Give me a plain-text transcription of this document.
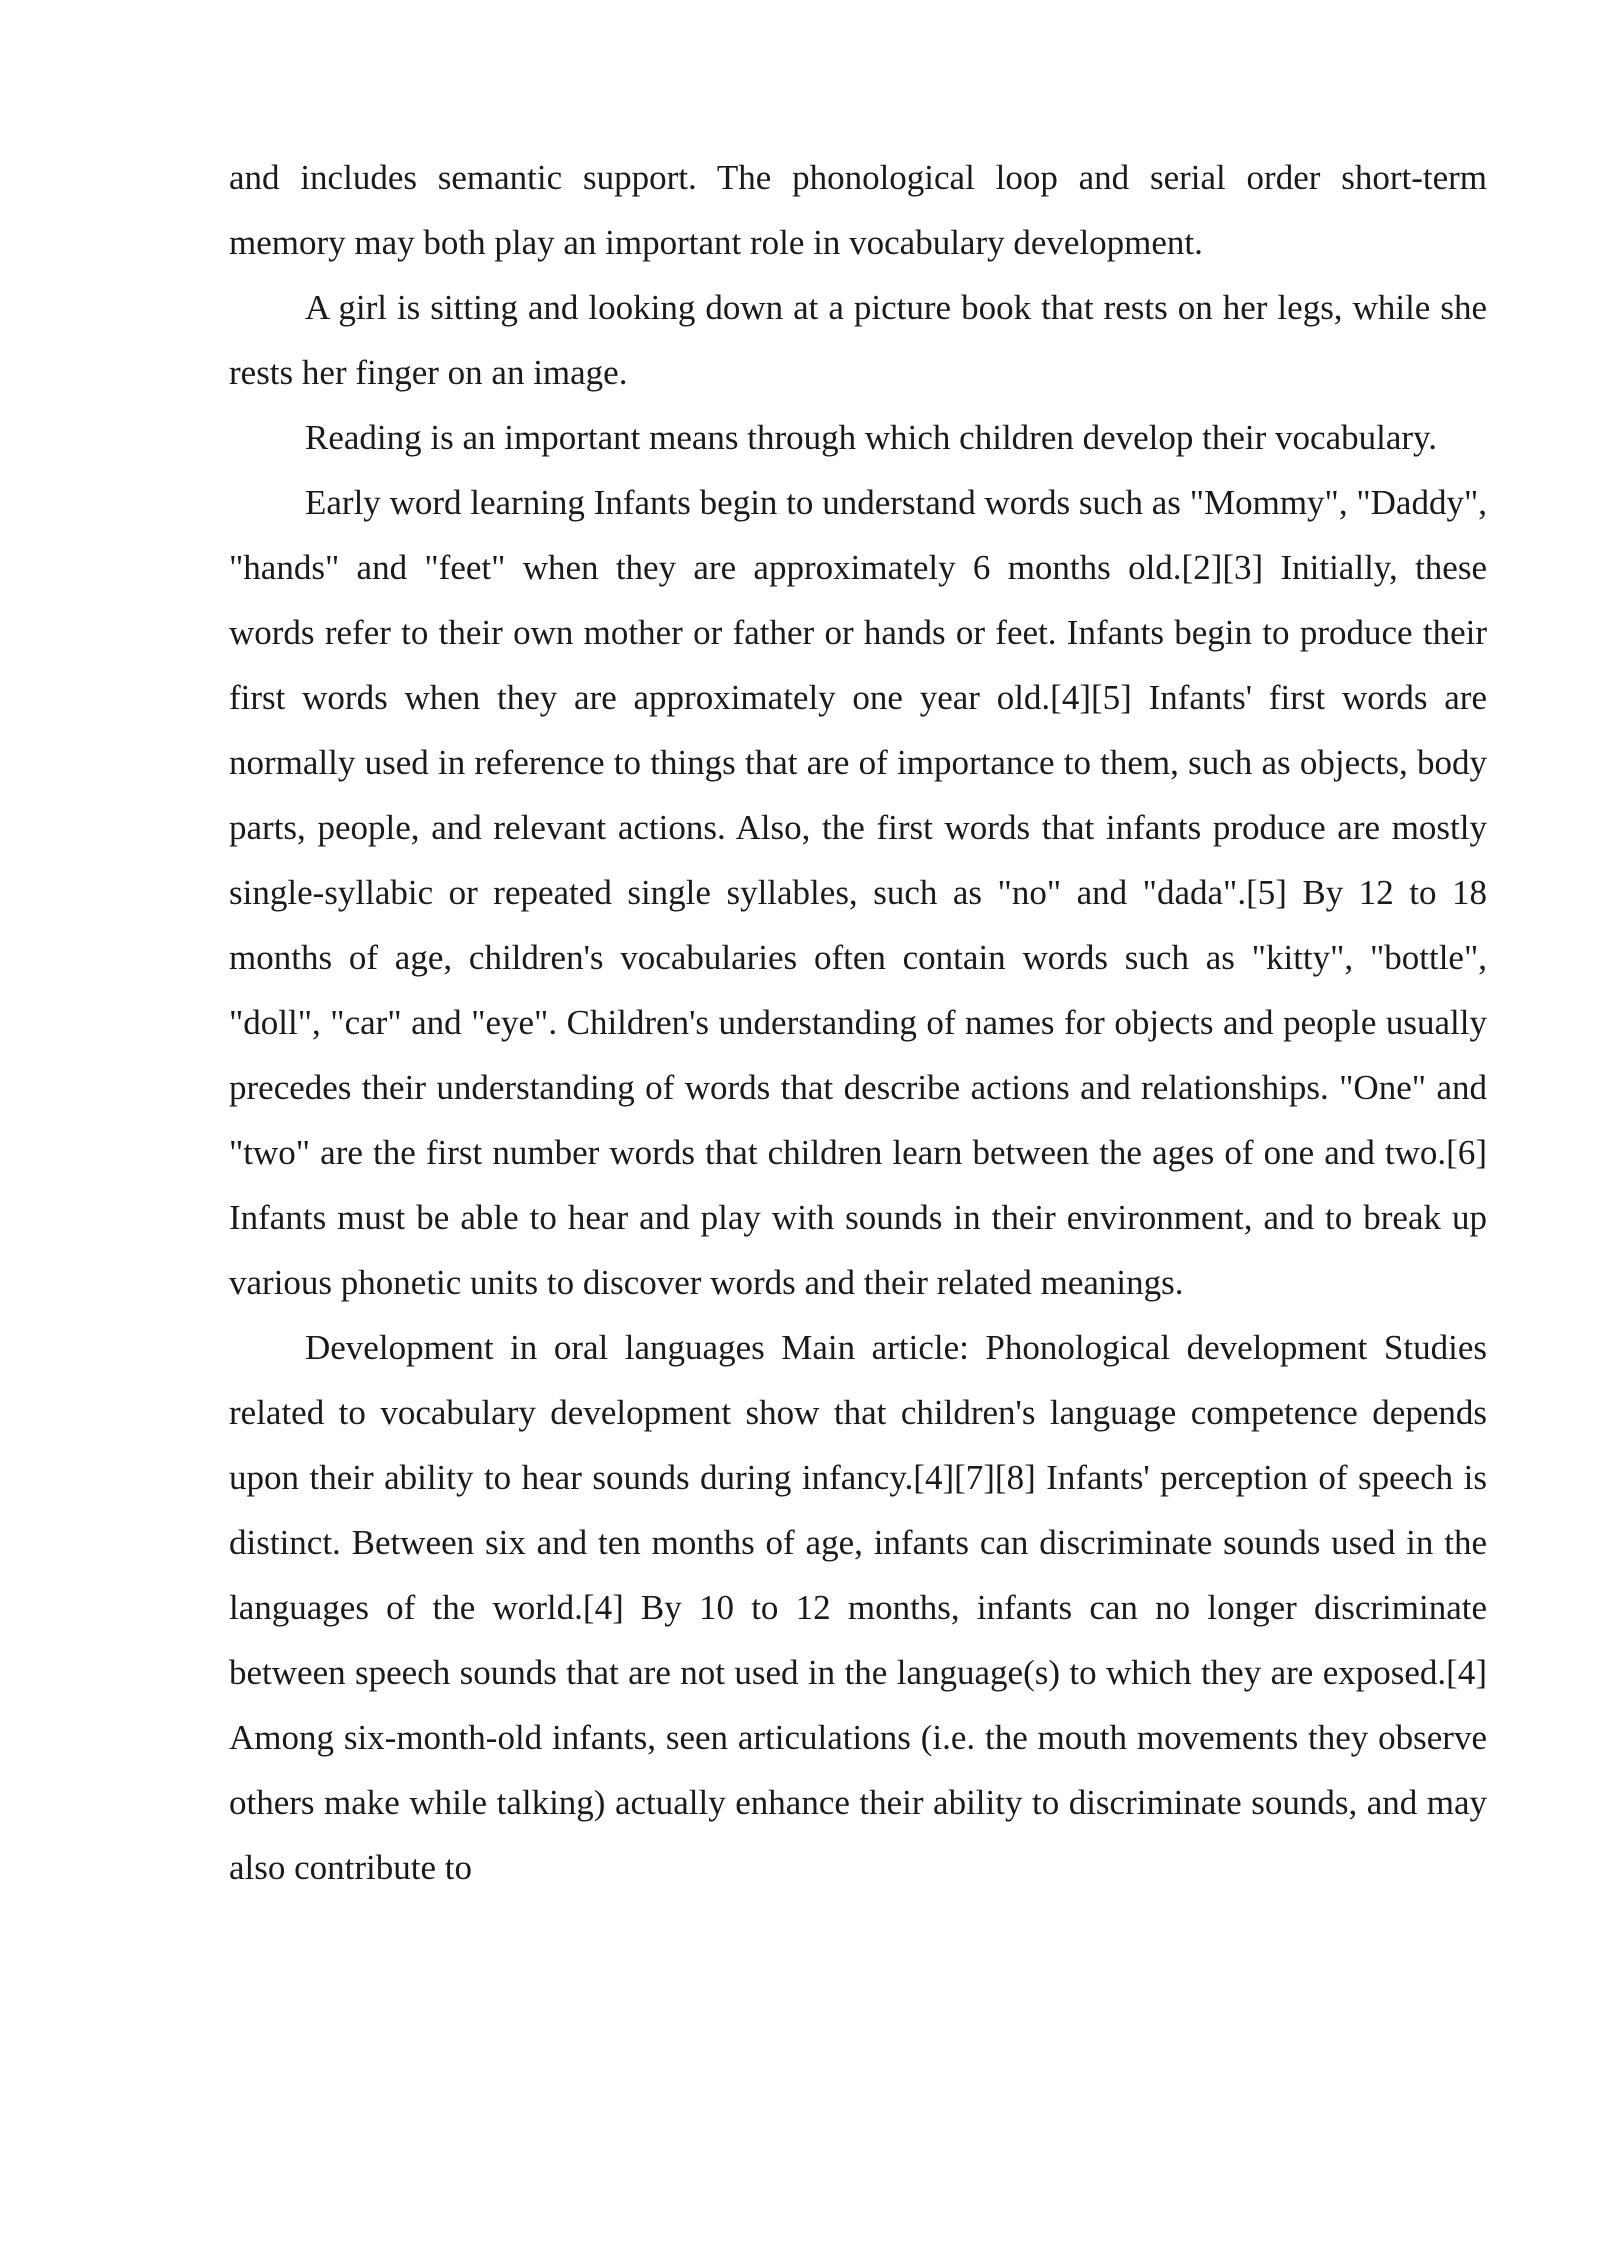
and includes semantic support. The phonological loop and serial order short-term memory may both play an important role in vocabulary development.

A girl is sitting and looking down at a picture book that rests on her legs, while she rests her finger on an image.

Reading is an important means through which children develop their vocabulary.

Early word learning Infants begin to understand words such as "Mommy", "Daddy", "hands" and "feet" when they are approximately 6 months old.[2][3] Initially, these words refer to their own mother or father or hands or feet. Infants begin to produce their first words when they are approximately one year old.[4][5] Infants' first words are normally used in reference to things that are of importance to them, such as objects, body parts, people, and relevant actions. Also, the first words that infants produce are mostly single-syllabic or repeated single syllables, such as "no" and "dada".[5] By 12 to 18 months of age, children's vocabularies often contain words such as "kitty", "bottle", "doll", "car" and "eye". Children's understanding of names for objects and people usually precedes their understanding of words that describe actions and relationships. "One" and "two" are the first number words that children learn between the ages of one and two.[6] Infants must be able to hear and play with sounds in their environment, and to break up various phonetic units to discover words and their related meanings.

Development in oral languages Main article: Phonological development Studies related to vocabulary development show that children's language competence depends upon their ability to hear sounds during infancy.[4][7][8] Infants' perception of speech is distinct. Between six and ten months of age, infants can discriminate sounds used in the languages of the world.[4] By 10 to 12 months, infants can no longer discriminate between speech sounds that are not used in the language(s) to which they are exposed.[4] Among six-month-old infants, seen articulations (i.e. the mouth movements they observe others make while talking) actually enhance their ability to discriminate sounds, and may also contribute to
